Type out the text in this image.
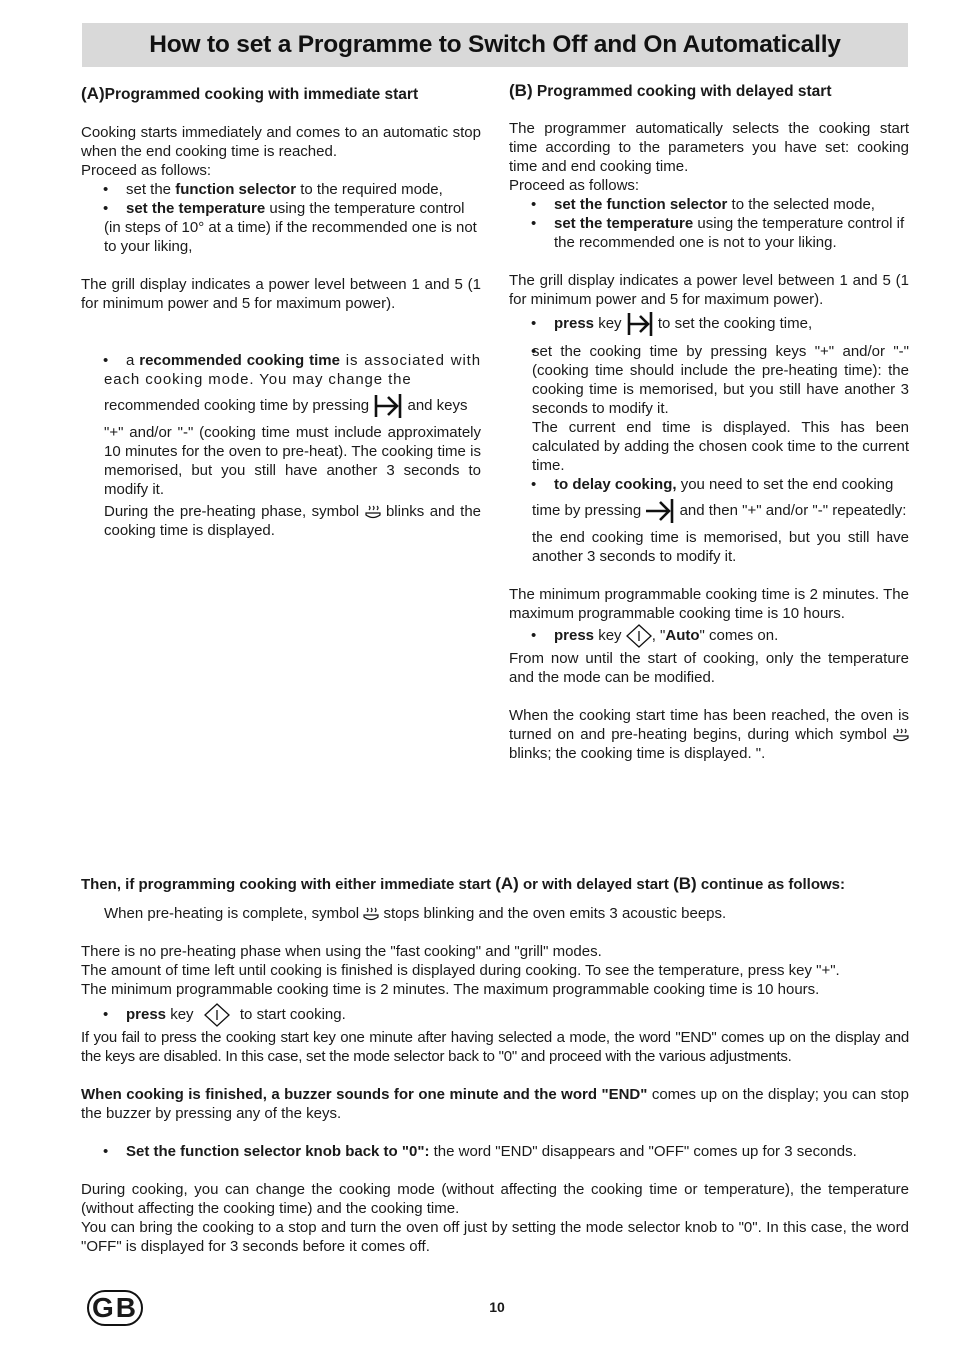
How to set a Programme to Switch Off and On Automatically
(A)Programmed cooking with immediate start

Cooking starts immediately and comes to an automatic stop when the end cooking time is reached.

Proceed as follows:

• set the function selector to the required mode,

• set the temperature using the temperature control (in steps of 10° at a time) if the recommended one is not to your liking,

The grill display indicates a power level between 1 and 5 (1 for minimum power and 5 for maximum power).

• a recommended cooking time is associated with each cooking mode. You may change the

recommended cooking time by pressing	and keys

"+" and/or "-" (cooking time must include approximately 10 minutes for the oven to pre-heat). The cooking time is memorised, but you still have another 3 seconds to modify it.

During the pre-heating phase, symbol blinks and the cooking time is displayed.

(B) Programmed cooking with delayed start

The programmer automatically selects the cooking start time according to the parameters you have set: cooking time and end cooking time.

Proceed as follows:

• set the function selector to the selected mode,

• set the temperature using the temperature control if the recommended one is not to your liking.

The grill display indicates a power level between 1 and 5 (1 for minimum power and 5 for maximum power).

• press key to set the cooking time,

• set the cooking time by pressing keys "+" and/or "-" (cooking time should include the pre-heating time): the cooking time is memorised, but you still have another 3 seconds to modify it.

The current end time is displayed. This has been calculated by adding the chosen cook time to the current time.

• to delay cooking, you need to set the end cooking

time by pressing	and then "+" and/or "-" repeatedly:

the end cooking time is memorised, but you still have another 3 seconds to modify it.

The minimum programmable cooking time is 2 minutes. The maximum programmable cooking time is 10 hours.

• press key , "Auto" comes on.

From now until the start of cooking, only the temperature and the mode can be modified.

When the cooking start time has been reached, the oven is turned on and pre-heating begins, during which symbol  blinks; the cooking time is displayed. ".

Then, if programming cooking with either immediate start (A) or with delayed start (B) continue as follows:

When pre-heating is complete, symbol stops blinking and the oven emits 3 acoustic beeps.

There is no pre-heating phase when using the "fast cooking" and "grill" modes.

The amount of time left until cooking is finished is displayed during cooking. To see the temperature, press key "+".

The minimum programmable cooking time is 2 minutes. The maximum programmable cooking time is 10 hours.

• press key	to start cooking.

If you fail to press the cooking start key one minute after having selected a mode, the word "END" comes up on the display and the keys are disabled. In this case, set the mode selector back to "0" and proceed with the various adjustments.

When cooking is finished, a buzzer sounds for one minute and the word "END" comes up on the display; you can stop the buzzer by pressing any of the keys.

• Set the function selector knob back to "0": the word "END" disappears and "OFF" comes up for 3 seconds.

During cooking, you can change the cooking mode (without affecting the cooking time or temperature), the temperature (without affecting the cooking time) and the cooking time.

You can bring the cooking to a stop and turn the oven off just by setting the mode selector knob to "0". In this case, the word "OFF" is displayed for 3 seconds before it comes off.

GB	10
